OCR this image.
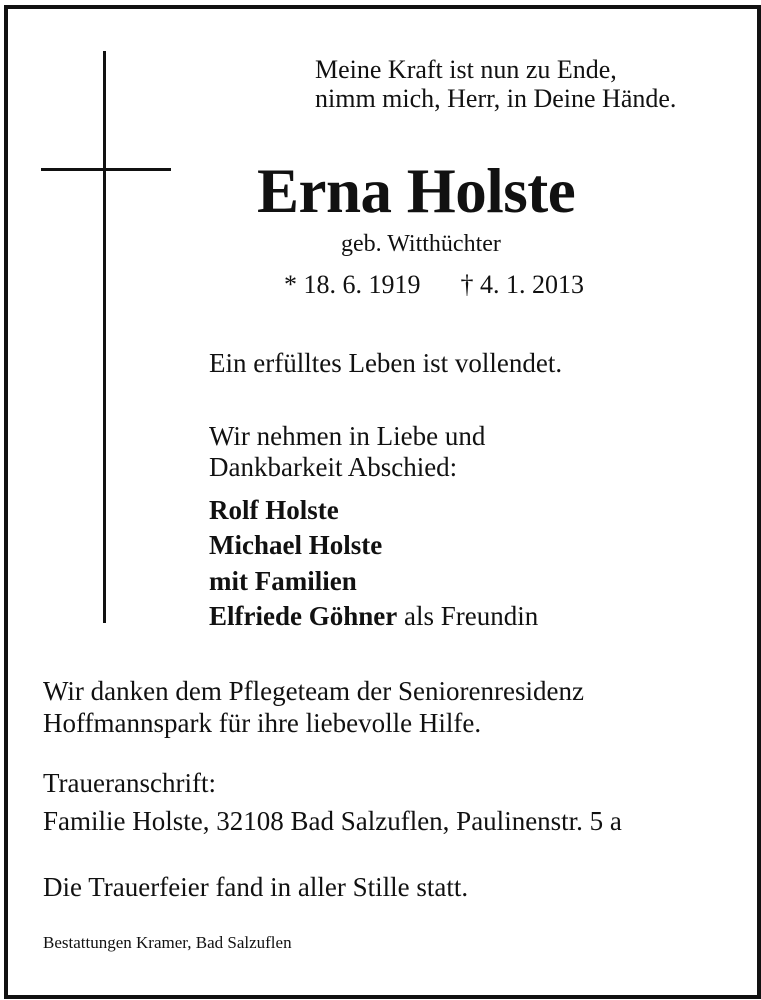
Meine Kraft ist nun zu Ende,
nimm mich, Herr, in Deine Hände.
Erna Holste
geb. Witthüchter
* 18. 6. 1919 † 4. 1. 2013
Ein erfülltes Leben ist vollendet.
Wir nehmen in Liebe und
Dankbarkeit Abschied:
Rolf Holste
Michael Holste
mit Familien
Elfriede Göhner als Freundin
Wir danken dem Pflegeteam der Seniorenresidenz
Hoffmannspark für ihre liebevolle Hilfe.
Traueranschrift:
Familie Holste, 32108 Bad Salzuflen, Paulinenstr. 5 a
Die Trauerfeier fand in aller Stille statt.
Bestattungen Kramer, Bad Salzuflen
